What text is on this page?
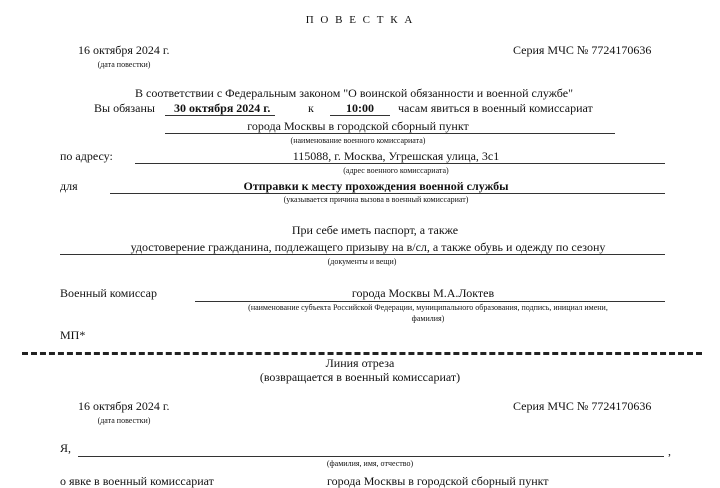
П О В Е С Т К А
16 октября 2024 г.
(дата повестки)
Серия МЧС № 7724170636
В соответствии с Федеральным законом "О воинской обязанности и военной службе"
Вы обязаны 30 октября 2024 г.	к	10:00 часам явиться в военный комиссариат
города Москвы в городской сборный пункт
(наименование военного комиссариата)
по адресу:	115088, г. Москва, Угрешская улица, 3с1
(адрес военного комиссариата)
для	Отправки к месту прохождения военной службы
(указывается причина вызова в военный комиссариат)
При себе иметь паспорт, а также
удостоверение гражданина, подлежащего призыву на в/сл, а также обувь и одежду по сезону
(документы и вещи)
Военный комиссар	города Москвы М.А.Локтев
(наименование субъекта Российской Федерации, муниципального образования, подпись, инициал имени,
фамилия)
МП*
Линия отреза
(возвращается в военный комиссариат)
16 октября 2024 г.
(дата повестки)
Серия МЧС № 7724170636
Я,	,
(фамилия, имя, отчество)
о явке в военный комиссариат	города Москвы в городской сборный пункт
